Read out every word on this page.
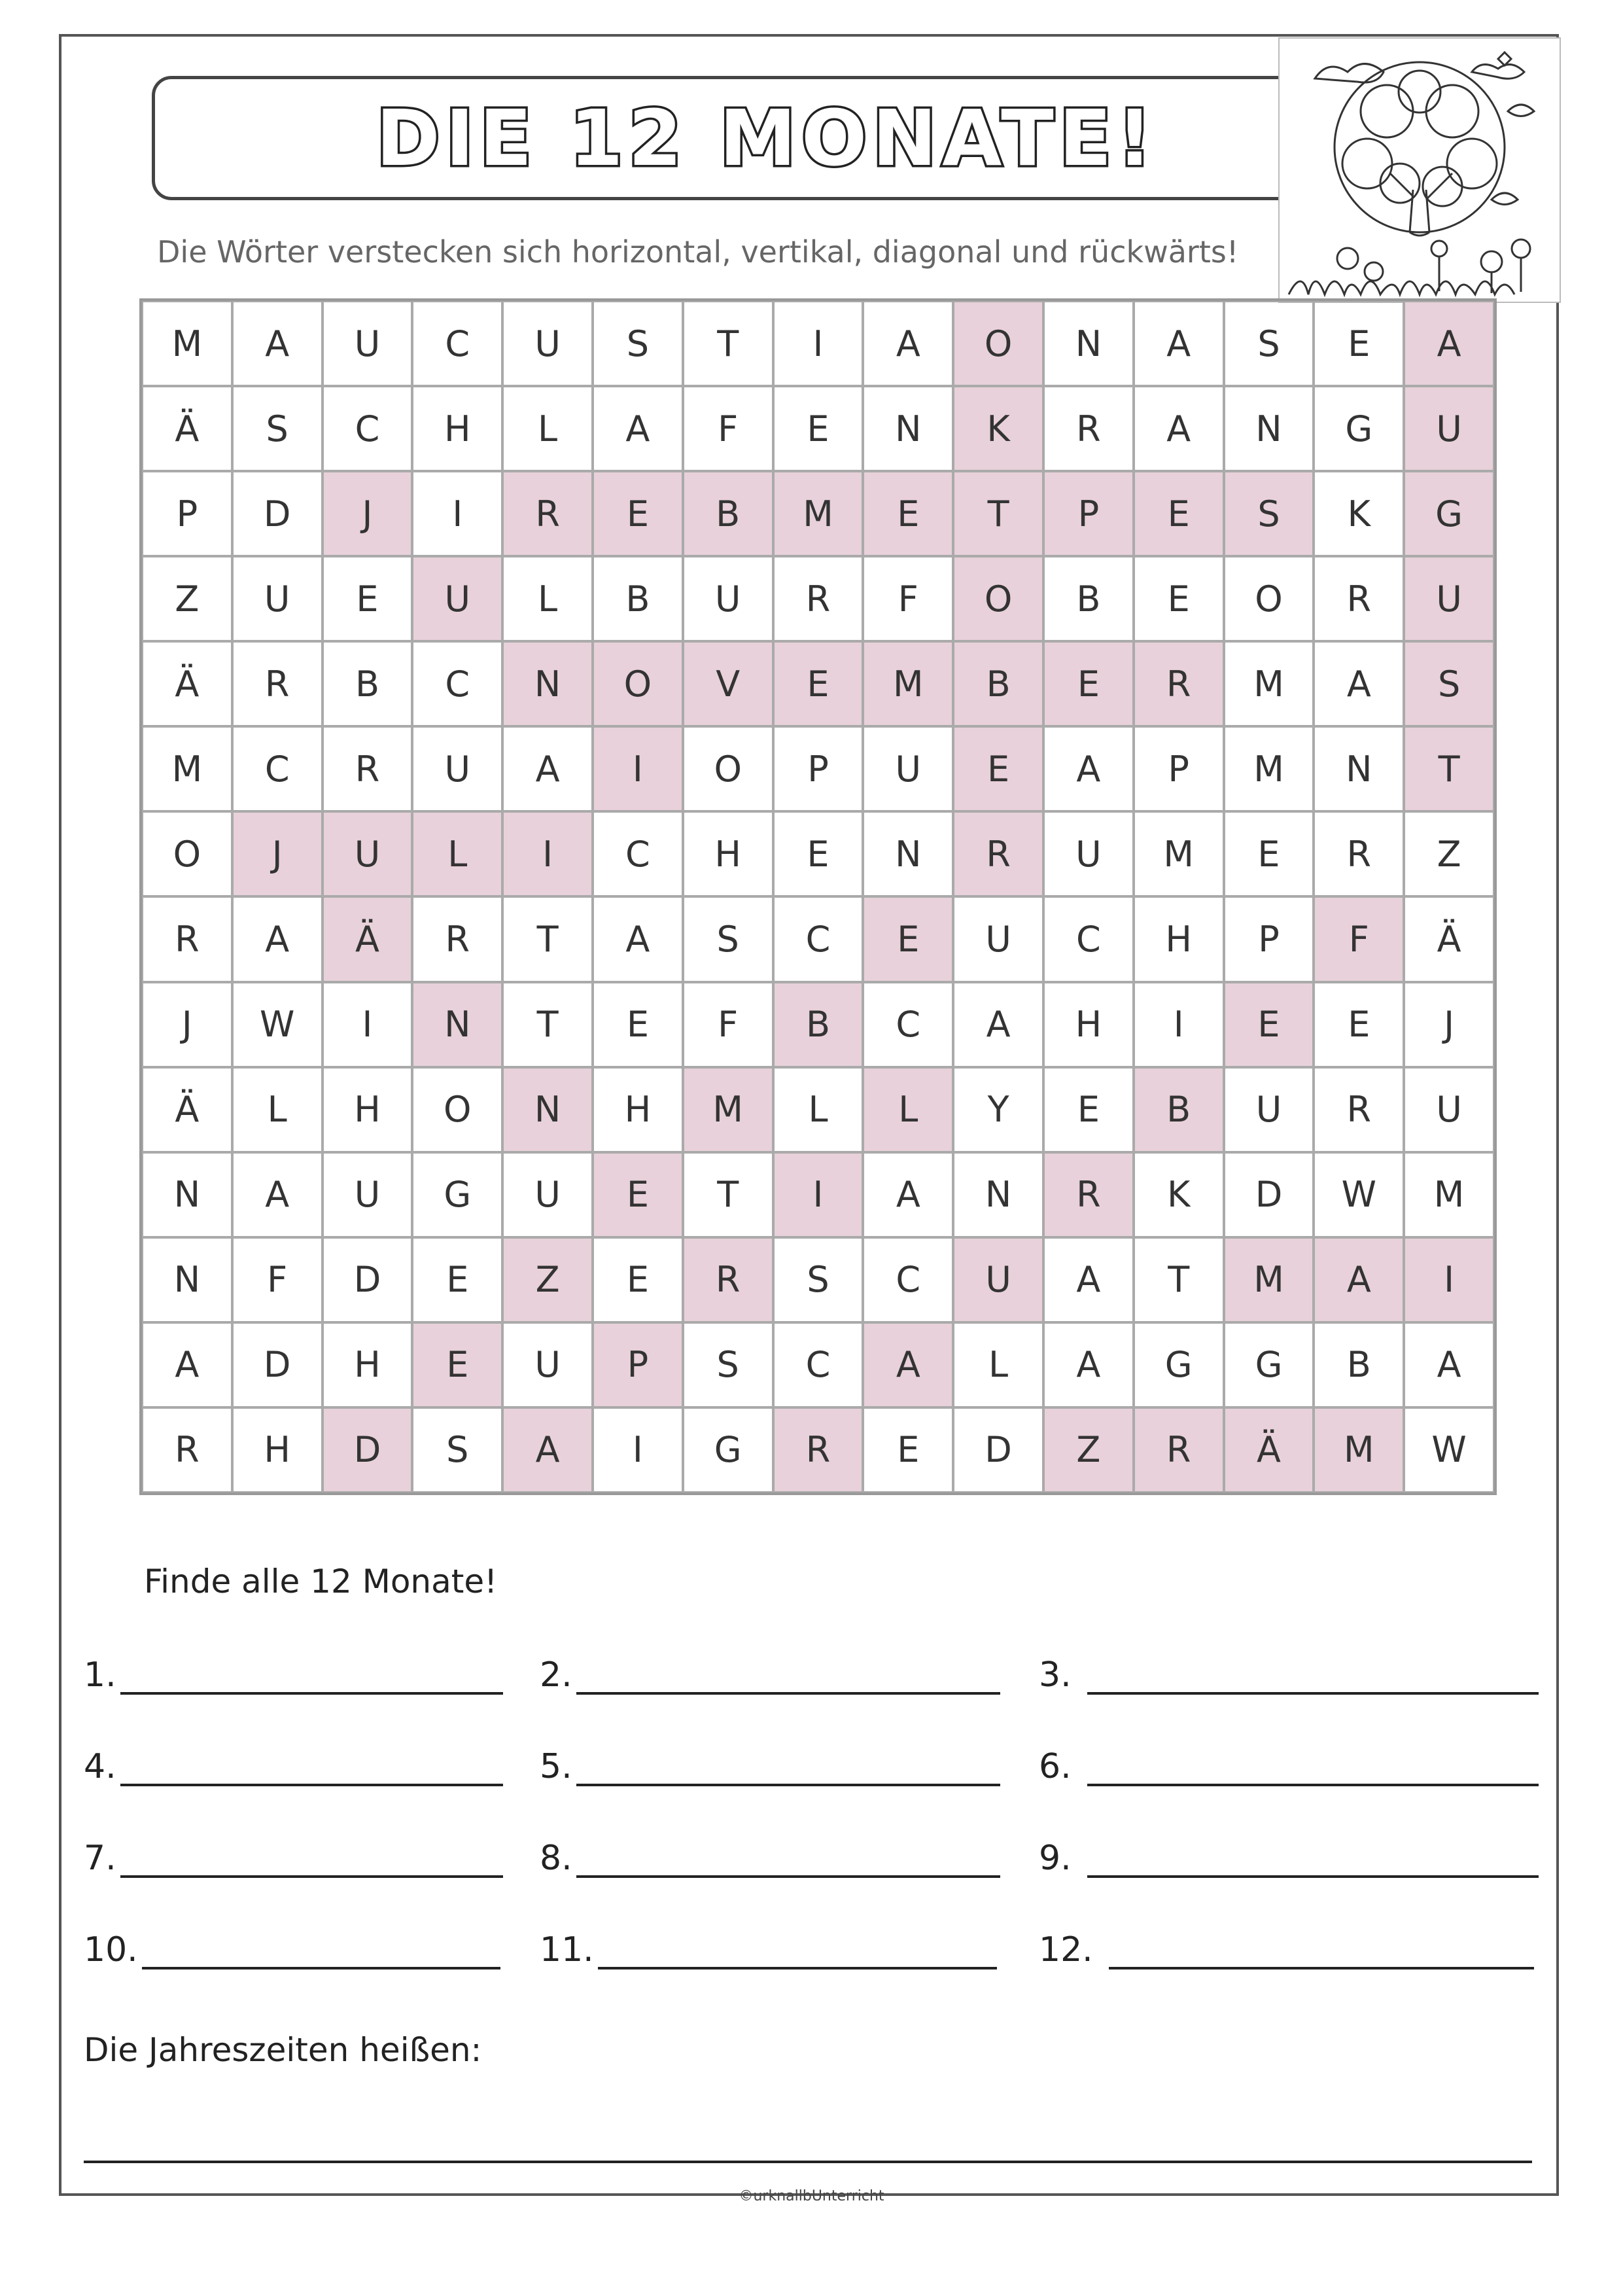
DIE 12 MONATE!
Die Wörter verstecken sich horizontal, vertikal, diagonal und rückwärts!
M	A	U	C	U	S	T	I	A	O	N	A	S	E	A
Ä	S	C	H	L	A	F	E	N	K	R	A	N	G	U
P	D	J	I	R	E	B	M	E	T	P	E	S	K	G
Z	U	E	U	L	B	U	R	F	O	B	E	O	R	U
Ä	R	B	C	N	O	V	E	M	B	E	R	M	A	S
M	C	R	U	A	I	O	P	U	E	A	P	M	N	T
O	J	U	L	I	C	H	E	N	R	U	M	E	R	Z
R	A	Ä	R	T	A	S	C	E	U	C	H	P	F	Ä
J	W	I	N	T	E	F	B	C	A	H	I	E	E	J
Ä	L	H	O	N	H	M	L	L	Y	E	B	U	R	U
N	A	U	G	U	E	T	I	A	N	R	K	D	W	M
N	F	D	E	Z	E	R	S	C	U	A	T	M	A	I
A	D	H	E	U	P	S	C	A	L	A	G	G	B	A
R	H	D	S	A	I	G	R	E	D	Z	R	Ä	M	W
Finde alle 12 Monate!
1.	2.	3.
4.	5.	6.
7.	8.	9.
10.	11.	12.
Die Jahreszeiten heißen:
©urknallbUnterricht
